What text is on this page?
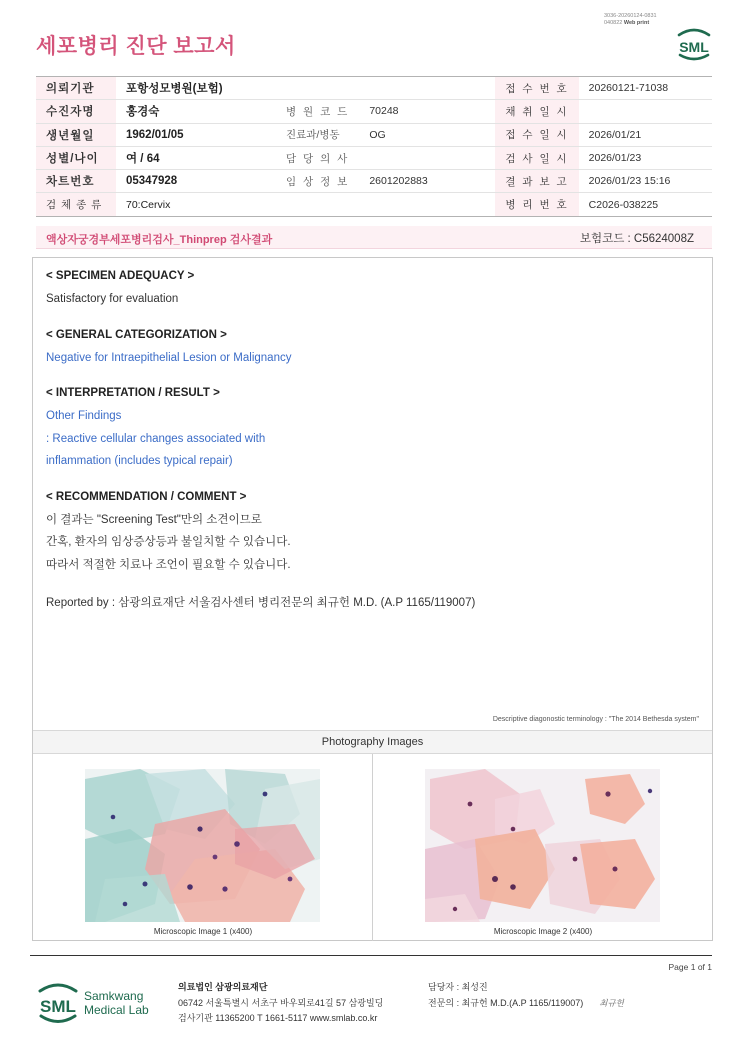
3036-20260124-0831
040822 Web print
세포병리 진단 보고서	SML
의뢰기관	포항성모병원(보험)			접 수 번 호	20260121-71038
수진자명	홍경숙	병 원 코 드	70248	채 취 일 시	
생년월일	1962/01/05	진료과/병동	OG	접 수 일 시	2026/01/21
성별/나이	여 / 64	담 당 의 사		검 사 일 시	2026/01/23
차트번호	05347928	임 상 정 보	2601202883	결 과 보 고	2026/01/23 15:16
검 체 종 류	70:Cervix			병 리 번 호	C2026-038225
액상자궁경부세포병리검사_Thinprep 검사결과	보험코드 : C5624008Z
< SPECIMEN ADEQUACY >
Satisfactory for evaluation
< GENERAL CATEGORIZATION >
Negative for Intraepithelial Lesion or Malignancy
< INTERPRETATION / RESULT >
Other Findings
: Reactive cellular changes associated with
inflammation (includes typical repair)
< RECOMMENDATION / COMMENT >
이 결과는 "Screening Test"만의 소견이므로
간혹, 환자의 임상증상등과 불일치할 수 있습니다.
따라서 적절한 치료나 조언이 필요할 수 있습니다.
Reported by : 삼광의료재단 서울검사센터 병리전문의 최규헌 M.D. (A.P 1165/119007)
Descriptive diagonostic terminology : "The 2014 Bethesda system"
Photography Images
Microscopic Image 1 (x400)	Microscopic Image 2 (x400)
Page 1 of 1
SML
Samkwang
Medical Lab
의료법인 삼광의료재단
06742 서울특별시 서초구 바우뫼로41길 57 삼광빌딩
검사기관 11365200 T 1661-5117 www.smlab.co.kr
담당자 : 최성진
전문의 : 최규헌 M.D.(A.P 1165/119007) 최규헌
